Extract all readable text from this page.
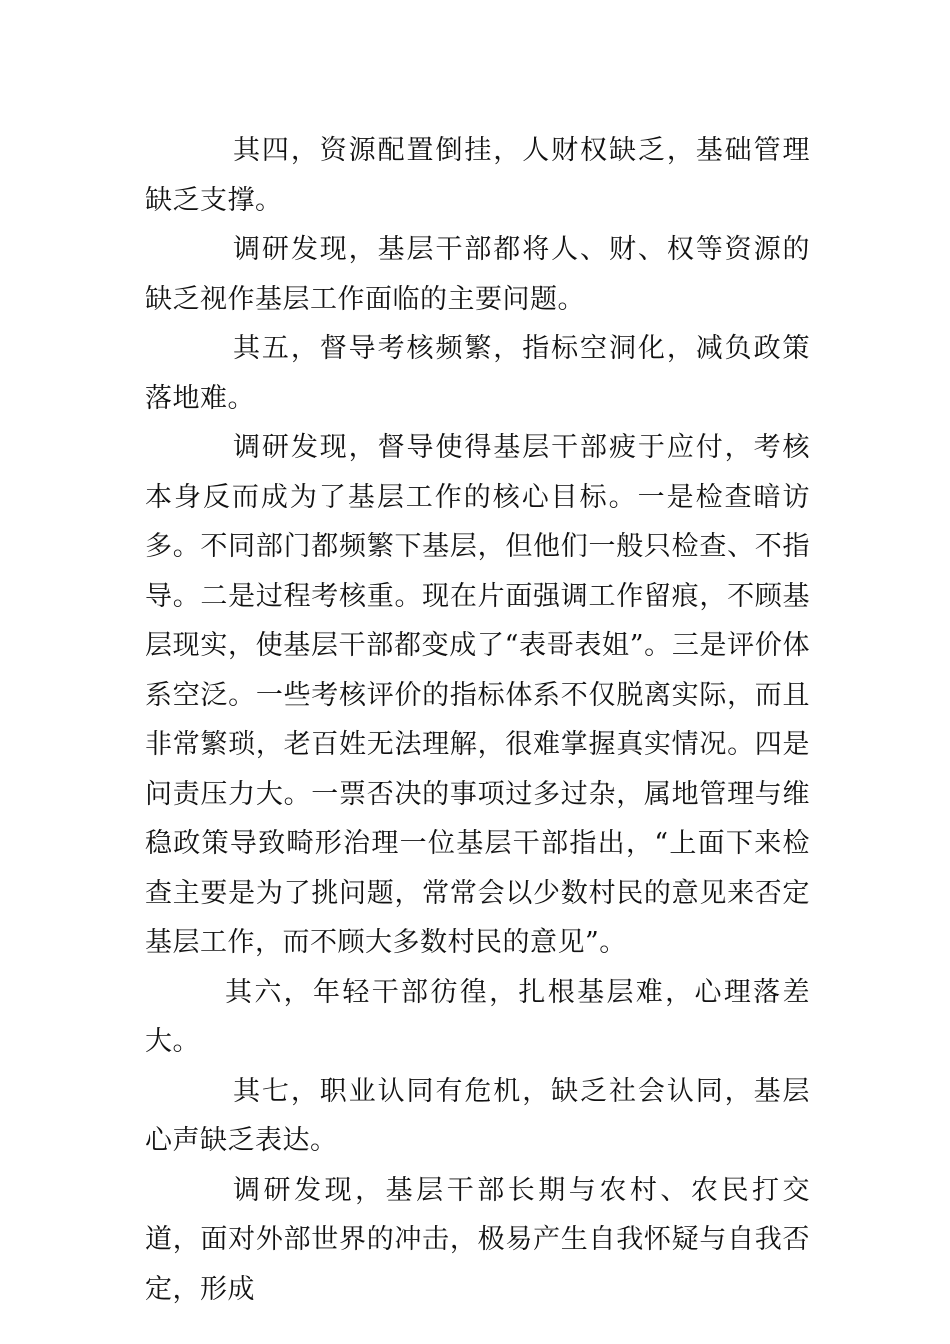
其四，资源配置倒挂，人财权缺乏，基础管理缺乏支撑。

调研发现，基层干部都将人、财、权等资源的缺乏视作基层工作面临的主要问题。

其五，督导考核频繁，指标空洞化，减负政策落地难。

调研发现，督导使得基层干部疲于应付，考核本身反而成为了基层工作的核心目标。一是检查暗访多。不同部门都频繁下基层，但他们一般只检查、不指导。二是过程考核重。现在片面强调工作留痕，不顾基层现实，使基层干部都变成了“表哥表姐”。三是评价体系空泛。一些考核评价的指标体系不仅脱离实际，而且非常繁琐，老百姓无法理解，很难掌握真实情况。四是问责压力大。一票否决的事项过多过杂，属地管理与维稳政策导致畸形治理一位基层干部指出，“上面下来检查主要是为了挑问题，常常会以少数村民的意见来否定基层工作，而不顾大多数村民的意见”。

其六，年轻干部彷徨，扎根基层难，心理落差大。

其七，职业认同有危机，缺乏社会认同，基层心声缺乏表达。

调研发现，基层干部长期与农村、农民打交道，面对外部世界的冲击，极易产生自我怀疑与自我否定，形成
